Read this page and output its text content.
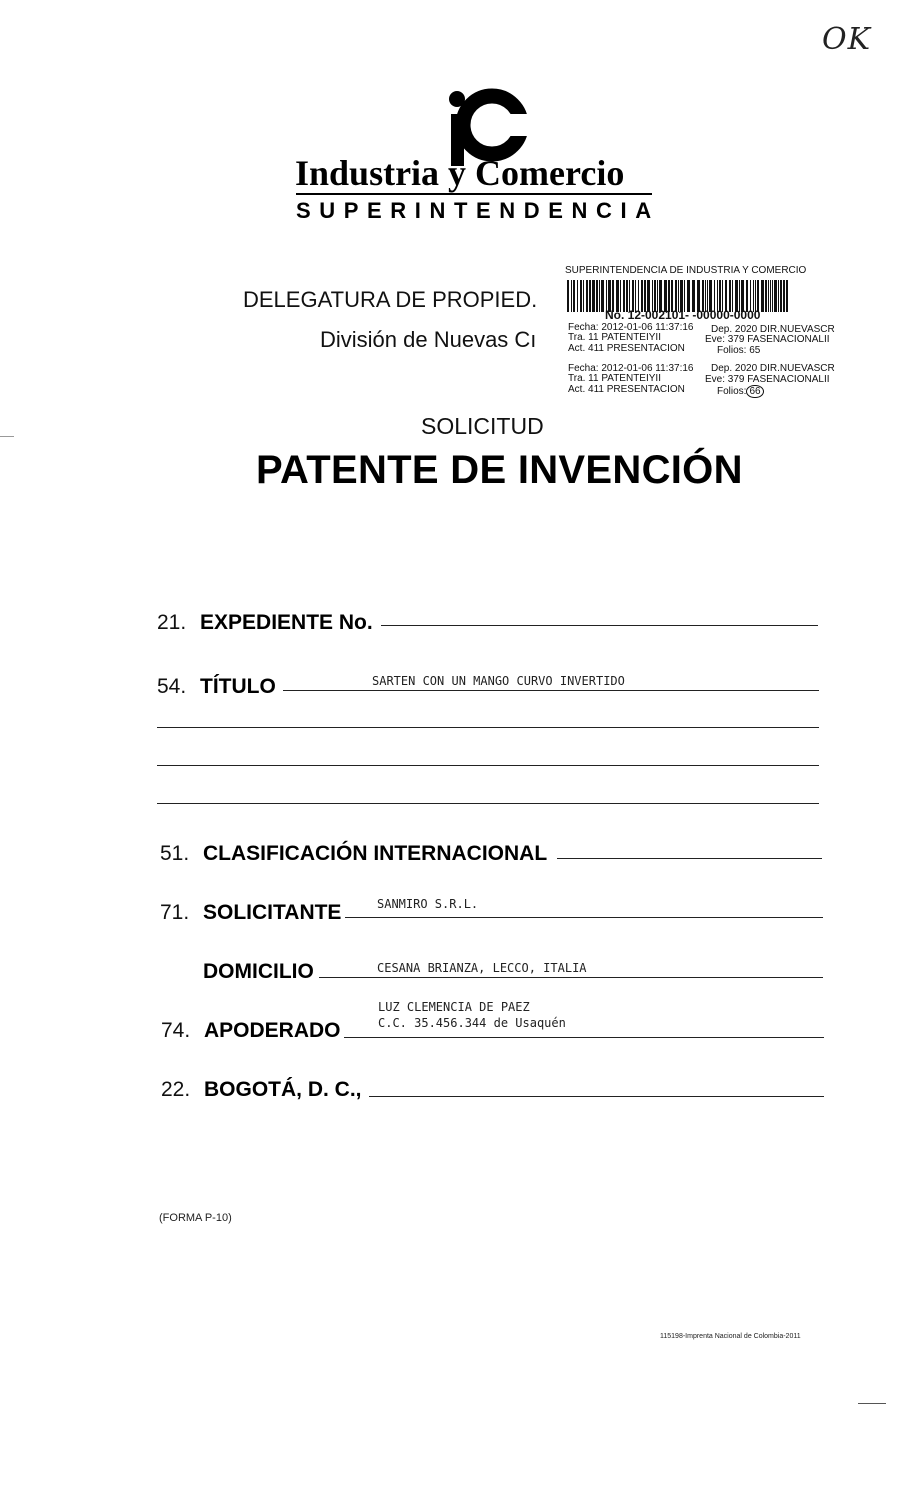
OK
Industria y Comercio
SUPERINTENDENCIA
DELEGATURA DE PROPIED.
División de Nuevas Cı
SUPERINTENDENCIA DE INDUSTRIA Y COMERCIO
No. 12-002101- -00000-0000
Fecha: 2012-01-06 11:37:16 Dep. 2020 DIR.NUEVASCR
Tra. 11 PATENTEIYII	Eve: 379 FASENACIONALII
Act. 411 PRESENTACION	Folios: 65
Fecha: 2012-01-06 11:37:16 Dep. 2020 DIR.NUEVASCR
Tra. 11 PATENTEIYII	Eve: 379 FASENACIONALII
Act. 411 PRESENTACION	Folios: 66
SOLICITUD
PATENTE DE INVENCIÓN
21. EXPEDIENTE No.
54. TÍTULO	SARTEN CON UN MANGO CURVO INVERTIDO
51. CLASIFICACIÓN INTERNACIONAL
71. SOLICITANTE	SANMIRO S.R.L.
DOMICILIO	CESANA BRIANZA, LECCO, ITALIA
74. APODERADO
LUZ CLEMENCIA DE PAEZ
C.C. 35.456.344 de Usaquén
22. BOGOTÁ, D. C.,
(FORMA P-10)
115198-Imprenta Nacional de Colombia-2011
